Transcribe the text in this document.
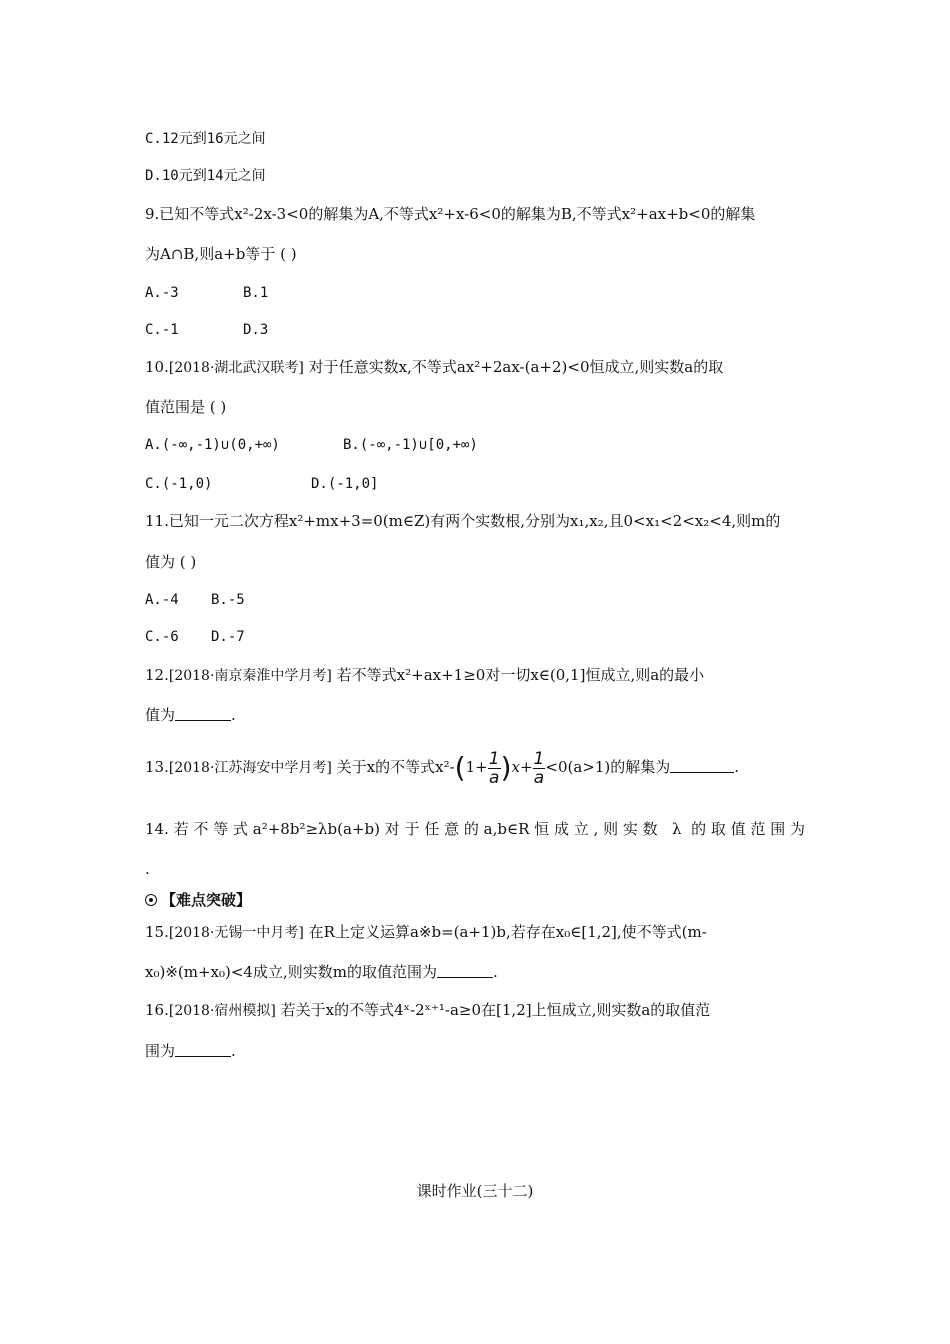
C.12元到16元之间
D.10元到14元之间
9.已知不等式x²-2x-3<0的解集为A,不等式x²+x-6<0的解集为B,不等式x²+ax+b<0的解集
为A∩B,则a+b等于 ( )
A.-3	B.1
C.-1	D.3
10.[2018·湖北武汉联考] 对于任意实数x,不等式ax²+2ax-(a+2)<0恒成立,则实数a的取
值范围是 ( )
A.(-∞,-1)∪(0,+∞)	B.(-∞,-1)∪[0,+∞)
C.(-1,0)	D.(-1,0]
11.已知一元二次方程x²+mx+3=0(m∈Z)有两个实数根,分别为x₁,x₂,且0<x₁<2<x₂<4,则m的
值为 ( )
A.-4 B.-5
C.-6 D.-7
12.[2018·南京秦淮中学月考] 若不等式x²+ax+1≥0对一切x∈(0,1]恒成立,则a的最小
值为	.
13.[2018·江苏海安中学月考] 关于x的不等式$x^2-(1+ \frac{1}{a} )x+ \frac{1}{a} <0(a>1)$的解集为	.
14.若不等式a²+8b²≥λb(a+b)对于任意的a,b∈R恒成立,则实数 λ 的取值范围为
.
【难点突破】
15.[2018·无锡一中月考] 在R上定义运算a※b=(a+1)b,若存在x₀∈[1,2],使不等式(m-
x₀)※(m+x₀)<4成立,则实数m的取值范围为	.
16.[2018·宿州模拟] 若关于x的不等式4ˣ-2ˣ⁺¹-a≥0在[1,2]上恒成立,则实数a的取值范
围为	.
课时作业(三十二)
